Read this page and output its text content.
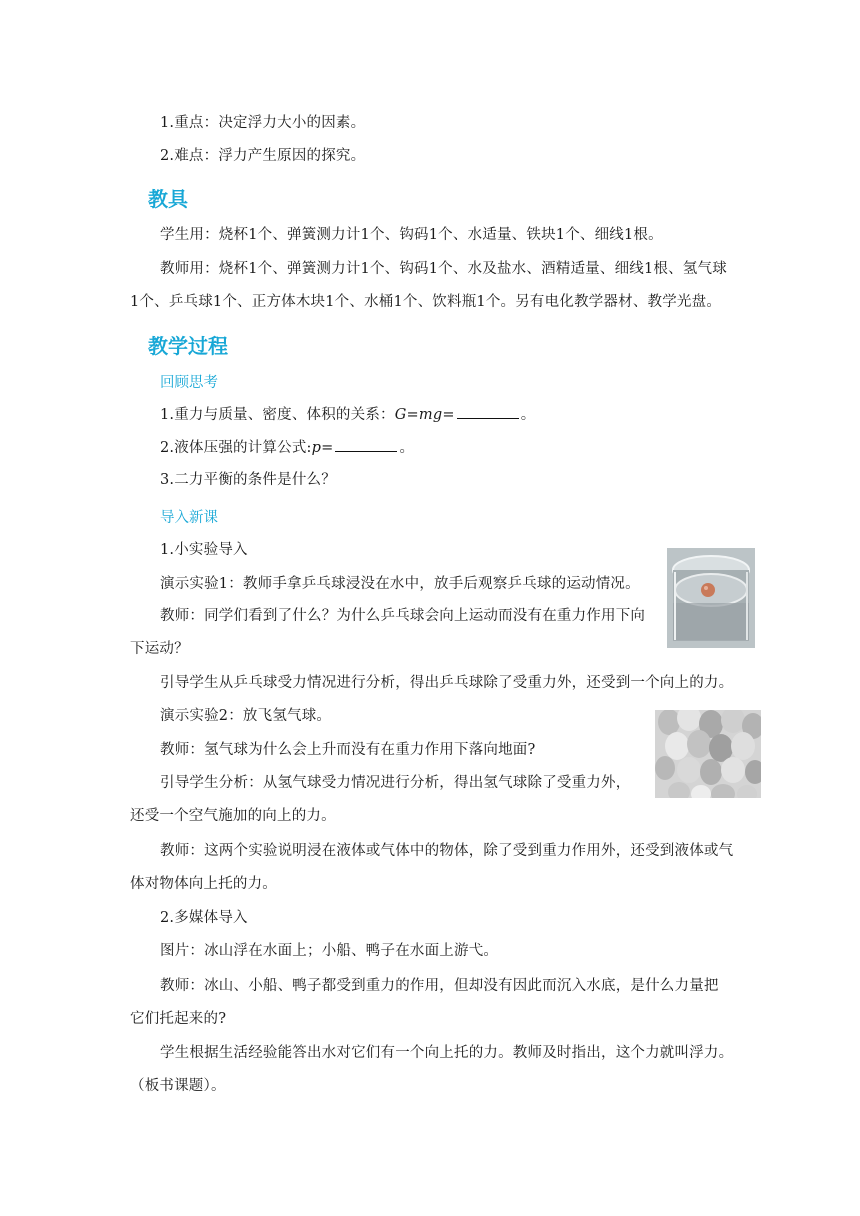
1.重点：决定浮力大小的因素。
2.难点：浮力产生原因的探究。
教具
学生用：烧杯1个、弹簧测力计1个、钩码1个、水适量、铁块1个、细线1根。
教师用：烧杯1个、弹簧测力计1个、钩码1个、水及盐水、酒精适量、细线1根、氢气球
1个、乒乓球1个、正方体木块1个、水桶1个、饮料瓶1个。另有电化教学器材、教学光盘。
教学过程
回顾思考
1.重力与质量、密度、体积的关系：G=mg=	。
2.液体压强的计算公式:p=	。
3.二力平衡的条件是什么？
导入新课
1.小实验导入
演示实验1：教师手拿乒乓球浸没在水中，放手后观察乒乓球的运动情况。
教师：同学们看到了什么？为什么乒乓球会向上运动而没有在重力作用下向
下运动？
引导学生从乒乓球受力情况进行分析，得出乒乓球除了受重力外，还受到一个向上的力。
演示实验2：放飞氢气球。
教师：氢气球为什么会上升而没有在重力作用下落向地面?
引导学生分析：从氢气球受力情况进行分析，得出氢气球除了受重力外，
还受一个空气施加的向上的力。
教师：这两个实验说明浸在液体或气体中的物体，除了受到重力作用外，还受到液体或气
体对物体向上托的力。
2.多媒体导入
图片：冰山浮在水面上；小船、鸭子在水面上游弋。
教师：冰山、小船、鸭子都受到重力的作用，但却没有因此而沉入水底，是什么力量把
它们托起来的?
学生根据生活经验能答出水对它们有一个向上托的力。教师及时指出，这个力就叫浮力。
（板书课题）。
